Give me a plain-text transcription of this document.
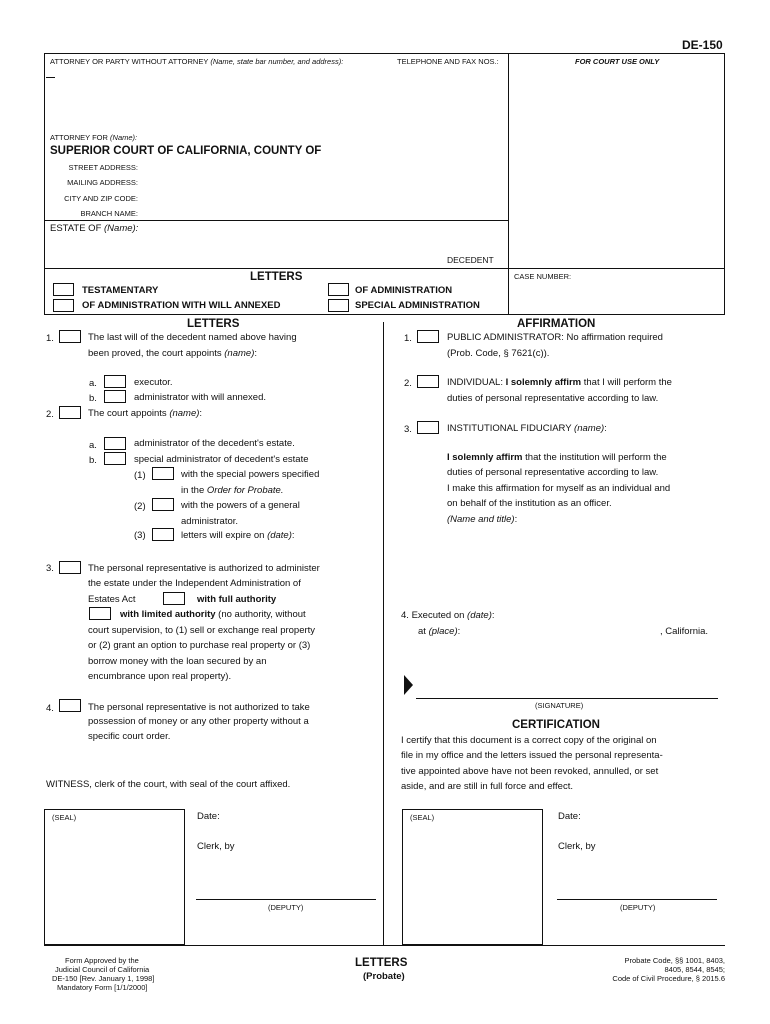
DE-150
ATTORNEY OR PARTY WITHOUT ATTORNEY (Name, state bar number, and address):	TELEPHONE AND FAX NOS.:	FOR COURT USE ONLY
ATTORNEY FOR (Name):
SUPERIOR COURT OF CALIFORNIA, COUNTY OF
STREET ADDRESS:
MAILING ADDRESS:
CITY AND ZIP CODE:
BRANCH NAME:
ESTATE OF (Name):
DECEDENT
LETTERS
TESTAMENTARY	OF ADMINISTRATION
OF ADMINISTRATION WITH WILL ANNEXED	SPECIAL ADMINISTRATION
CASE NUMBER:
LETTERS
1.	The last will of the decedent named above having
been proved, the court appoints (name):
a.	executor.
b.	administrator with will annexed.
2.	The court appoints (name):
a.	administrator of the decedent's estate.
b.	special administrator of decedent's estate
(1)	with the special powers specified
in the Order for Probate.
(2)	with the powers of a general
administrator.
(3)	letters will expire on (date):
3.	The personal representative is authorized to administer
the estate under the Independent Administration of
Estates Act	with full authority
with limited authority (no authority, without
court supervision, to (1) sell or exchange real property
or (2) grant an option to purchase real property or (3)
borrow money with the loan secured by an
encumbrance upon real property).
4.	The personal representative is not authorized to take
possession of money or any other property without a
specific court order.
WITNESS, clerk of the court, with seal of the court affixed.
AFFIRMATION
1.	PUBLIC ADMINISTRATOR: No affirmation required
(Prob. Code, § 7621(c)).
2.	INDIVIDUAL: I solemnly affirm that I will perform the
duties of personal representative according to law.
3.	INSTITUTIONAL FIDUCIARY (name):
I solemnly affirm that the institution will perform the
duties of personal representative according to law.
I make this affirmation for myself as an individual and
on behalf of the institution as an officer.
(Name and title):
4. Executed on (date):
at (place):	, California.
(SIGNATURE)
CERTIFICATION
I certify that this document is a correct copy of the original on
file in my office and the letters issued the personal representa-
tive appointed above have not been revoked, annulled, or set
aside, and are still in full force and effect.
(SEAL)	Date:
Clerk, by
(DEPUTY)
(SEAL)	Date:
Clerk, by
(DEPUTY)
Form Approved by the
Judicial Council of California
DE-150 [Rev. January 1, 1998]
Mandatory Form [1/1/2000]
LETTERS
(Probate)
Probate Code, §§ 1001, 8403,
8405, 8544, 8545;
Code of Civil Procedure, § 2015.6
